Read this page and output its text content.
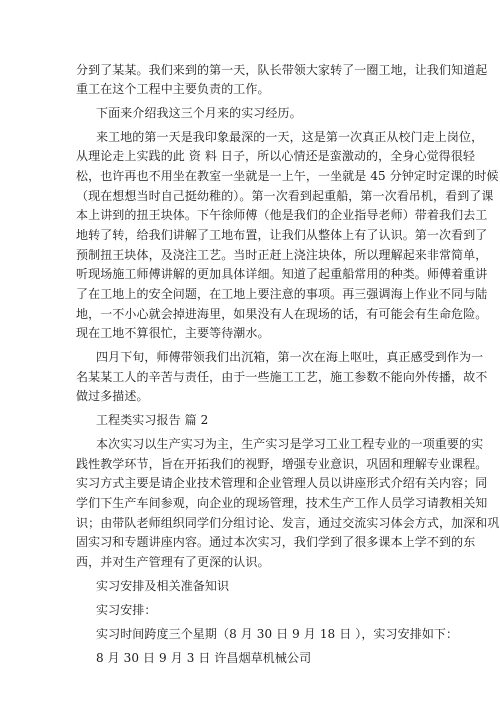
分到了某某。我们来到的第一天，队长带领大家转了一圈工地，让我们知道起
重工在这个工程中主要负责的工作。
下面来介绍我这三个月来的实习经历。
来工地的第一天是我印象最深的一天，这是第一次真正从校门走上岗位，
从理论走上实践的此 资 料 日子，所以心情还是蛮激动的，全身心觉得很轻
松，也许再也不用坐在教室一坐就是一上午，一坐就是 45 分钟定时定课的时候
（现在想想当时自己挺幼稚的）。第一次看到起重船，第一次看吊机，看到了课
本上讲到的扭王块体。下午徐师傅（他是我们的企业指导老师）带着我们去工
地转了转，给我们讲解了工地布置，让我们从整体上有了认识。第一次看到了
预制扭王块体，及浇注工艺。当时正赶上浇注块体，所以理解起来非常简单，
听现场施工师傅讲解的更加具体详细。知道了起重船常用的种类。师傅着重讲
了在工地上的安全问题，在工地上要注意的事项。再三强调海上作业不同与陆
地，一不小心就会掉进海里，如果没有人在现场的话，有可能会有生命危险。
现在工地不算很忙，主要等待潮水。
四月下旬，师傅带领我们出沉箱，第一次在海上呕吐，真正感受到作为一
名某某工人的辛苦与责任，由于一些施工工艺，施工参数不能向外传播，故不
做过多描述。
工程类实习报告 篇 2
本次实习以生产实习为主，生产实习是学习工业工程专业的一项重要的实
践性教学环节，旨在开拓我们的视野，增强专业意识，巩固和理解专业课程。
实习方式主要是请企业技术管理和企业管理人员以讲座形式介绍有关内容；同
学们下生产车间参观，向企业的现场管理，技术生产工作人员学习请教相关知
识；由带队老师组织同学们分组讨论、发言，通过交流实习体会方式，加深和巩
固实习和专题讲座内容。通过本次实习，我们学到了很多课本上学不到的东
西，并对生产管理有了更深的认识。
实习安排及相关准备知识
实习安排：
实习时间跨度三个星期（8 月 30 日 9 月 18 日 ），实习安排如下：
8 月 30 日 9 月 3 日 许昌烟草机械公司
